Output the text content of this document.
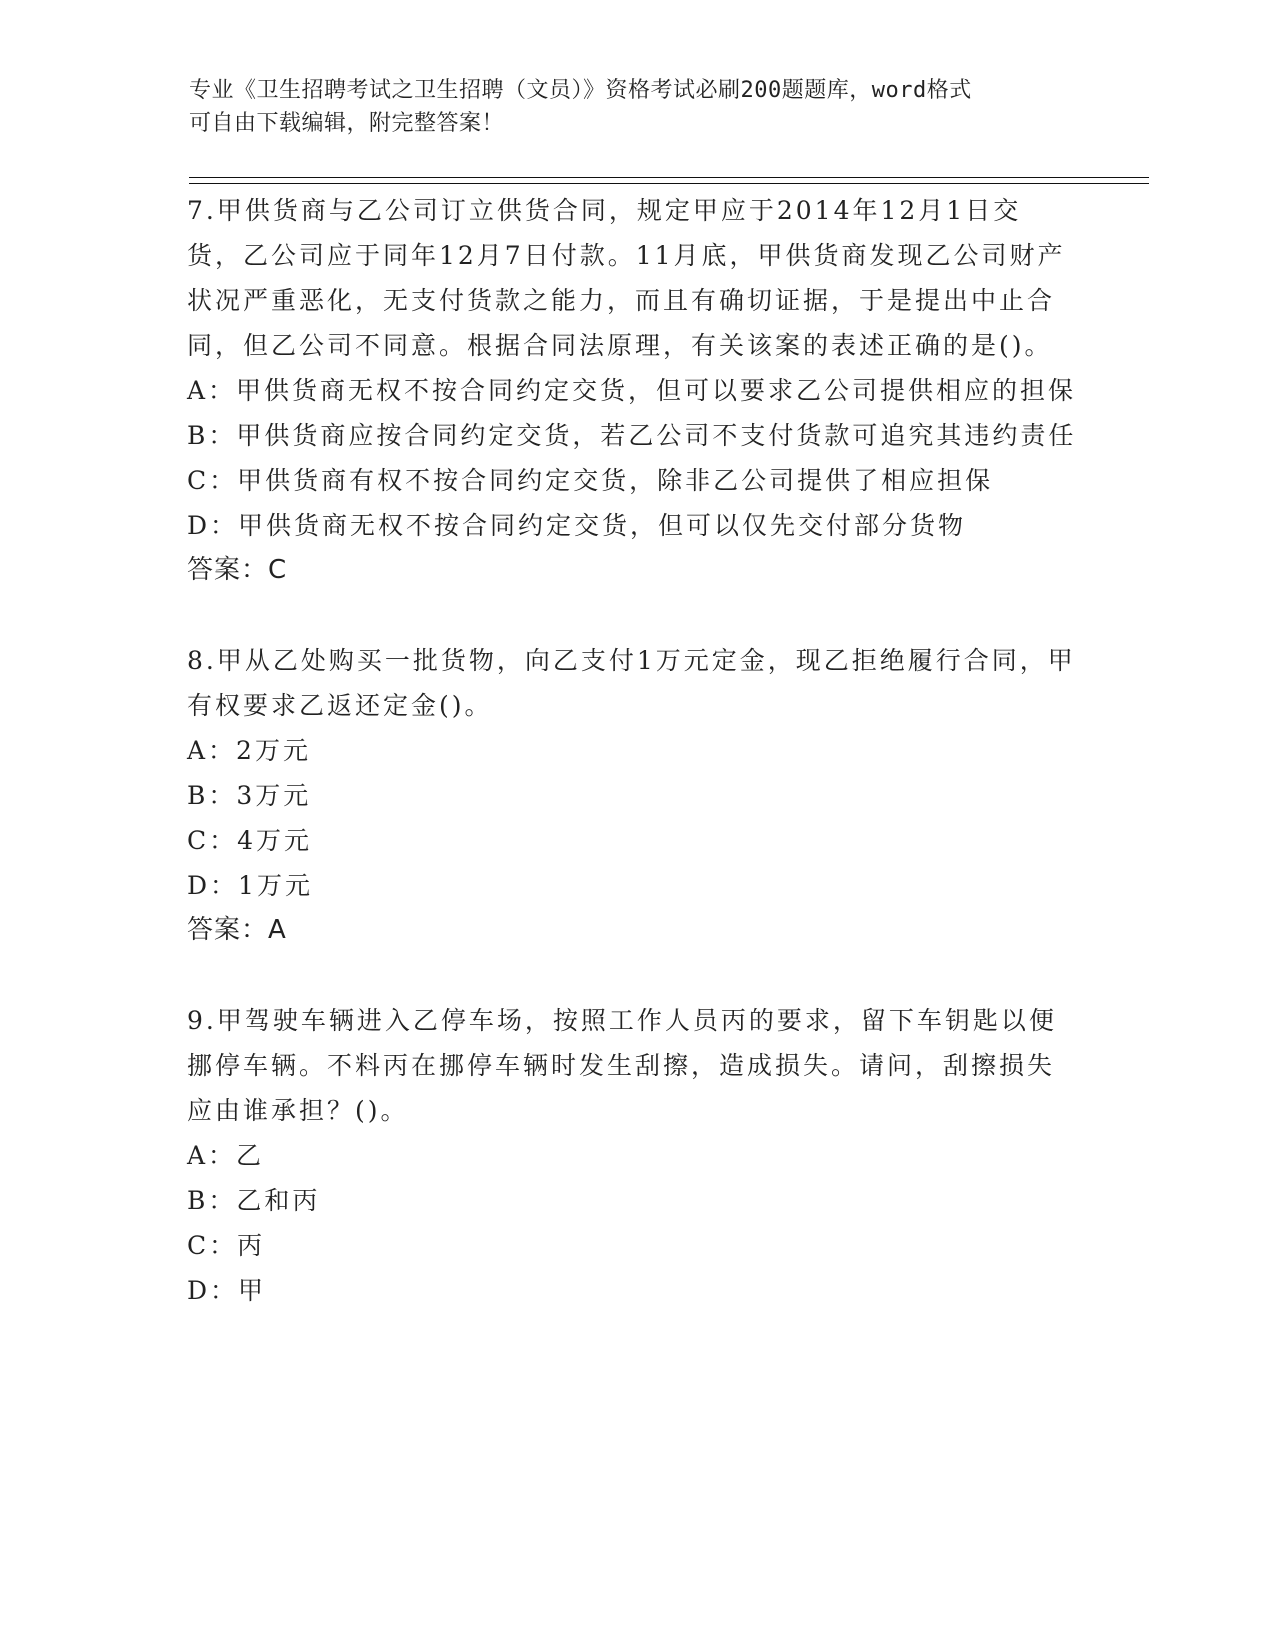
专业《卫生招聘考试之卫生招聘（文员）》资格考试必刷200题题库，word格式
可自由下载编辑，附完整答案！

7.甲供货商与乙公司订立供货合同，规定甲应于2014年12月1日交货，乙公司应于同年12月7日付款。11月底，甲供货商发现乙公司财产状况严重恶化，无支付货款之能力，而且有确切证据，于是提出中止合同，但乙公司不同意。根据合同法原理，有关该案的表述正确的是()。

A：甲供货商无权不按合同约定交货，但可以要求乙公司提供相应的担保

B：甲供货商应按合同约定交货，若乙公司不支付货款可追究其违约责任

C：甲供货商有权不按合同约定交货，除非乙公司提供了相应担保

D：甲供货商无权不按合同约定交货，但可以仅先交付部分货物

答案：C

8.甲从乙处购买一批货物，向乙支付1万元定金，现乙拒绝履行合同，甲有权要求乙返还定金()。

A：2万元

B：3万元

C：4万元

D：1万元

答案：A

9.甲驾驶车辆进入乙停车场，按照工作人员丙的要求，留下车钥匙以便挪停车辆。不料丙在挪停车辆时发生刮擦，造成损失。请问，刮擦损失应由谁承担？()。

A：乙

B：乙和丙

C：丙

D：甲
